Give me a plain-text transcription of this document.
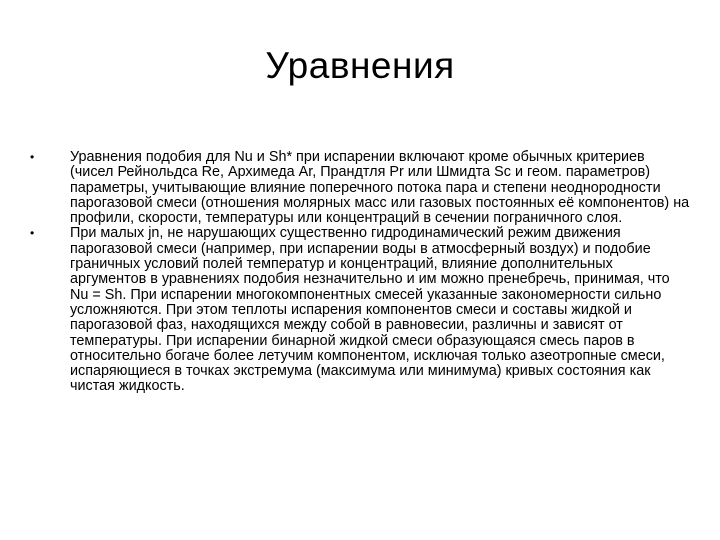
Уравнения
•	Уравнения подобия для Nu и Sh* при испарении включают кроме обычных критериев (чисел Рейнольдса Re, Архимеда Ar, Прандтля Pr или Шмидта Sc и геом. параметров) параметры, учитывающие влияние поперечного потока пара и степени неоднородности парогазовой смеси (отношения молярных масс или газовых постоянных её компонентов) на профили, скорости, температуры или концентраций в сечении пограничного слоя.
•	При малых jn, не нарушающих существенно гидродинамический режим движения парогазовой смеси (например, при испарении воды в атмосферный воздух) и подобие граничных условий полей температур и концентраций, влияние дополнительных аргументов в уравнениях подобия незначительно и им можно пренебречь, принимая, что Nu = Sh. При испарении многокомпонентных смесей указанные закономерности сильно усложняются. При этом теплоты испарения компонентов смеси и составы жидкой и парогазовой фаз, находящихся между собой в равновесии, различны и зависят от температуры. При испарении бинарной жидкой смеси образующаяся смесь паров в относительно богаче более летучим компонентом, исключая только азеотропные смеси, испаряющиеся в точках экстремума (максимума или минимума) кривых состояния как чистая жидкость.
